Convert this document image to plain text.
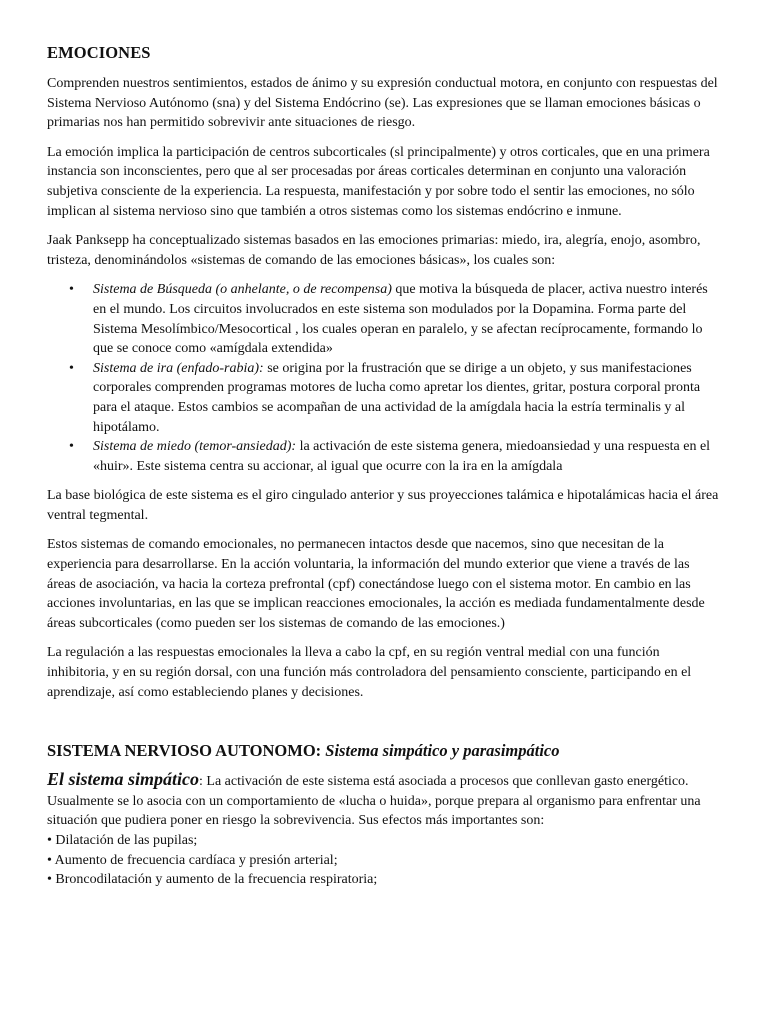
EMOCIONES

Comprenden nuestros sentimientos, estados de ánimo y su expresión conductual motora, en conjunto con respuestas del Sistema Nervioso Autónomo (sna) y del Sistema Endócrino (se). Las expresiones que se llaman emociones básicas o primarias nos han permitido sobrevivir ante situaciones de riesgo.

La emoción implica la participación de centros subcorticales (sl principalmente) y otros corticales, que en una primera instancia son inconscientes, pero que al ser procesadas por áreas corticales determinan en conjunto una valoración subjetiva consciente de la experiencia. La respuesta, manifestación y por sobre todo el sentir las emociones, no sólo implican al sistema nervioso sino que también a otros sistemas como los sistemas endócrino e inmune.

Jaak Panksepp ha conceptualizado sistemas basados en las emociones primarias: miedo, ira, alegría, enojo, asombro, tristeza, denominándolos «sistemas de comando de las emociones básicas», los cuales son:

• Sistema de Búsqueda (o anhelante, o de recompensa) que motiva la búsqueda de placer, activa nuestro interés en el mundo. Los circuitos involucrados en este sistema son modulados por la Dopamina. Forma parte del Sistema Mesolímbico/Mesocortical , los cuales operan en paralelo, y se afectan recíprocamente, formando lo que se conoce como «amígdala extendida»
• Sistema de ira (enfado-rabia): se origina por la frustración que se dirige a un objeto, y sus manifestaciones corporales comprenden programas motores de lucha como apretar los dientes, gritar, postura corporal pronta para el ataque. Estos cambios se acompañan de una actividad de la amígdala hacia la estría terminalis y al hipotálamo.
• Sistema de miedo (temor-ansiedad): la activación de este sistema genera, miedoansiedad y una respuesta en el «huir». Este sistema centra su accionar, al igual que ocurre con la ira en la amígdala

La base biológica de este sistema es el giro cingulado anterior y sus proyecciones talámica e hipotalámicas hacia el área ventral tegmental.

Estos sistemas de comando emocionales, no permanecen intactos desde que nacemos, sino que necesitan de la experiencia para desarrollarse. En la acción voluntaria, la información del mundo exterior que viene a través de las áreas de asociación, va hacia la corteza prefrontal (cpf) conectándose luego con el sistema motor. En cambio en las acciones involuntarias, en las que se implican reacciones emocionales, la acción es mediada fundamentalmente desde áreas subcorticales (como pueden ser los sistemas de comando de las emociones.)

La regulación a las respuestas emocionales la lleva a cabo la cpf, en su región ventral medial con una función inhibitoria, y en su región dorsal, con una función más controladora del pensamiento consciente, participando en el aprendizaje, así como estableciendo planes y decisiones.

SISTEMA NERVIOSO AUTONOMO: Sistema simpático y parasimpático

El sistema simpático: La activación de este sistema está asociada a procesos que conllevan gasto energético. Usualmente se lo asocia con un comportamiento de «lucha o huida», porque prepara al organismo para enfrentar una situación que pudiera poner en riesgo la sobrevivencia. Sus efectos más importantes son:

• Dilatación de las pupilas;

• Aumento de frecuencia cardíaca y presión arterial;

• Broncodilatación y aumento de la frecuencia respiratoria;
